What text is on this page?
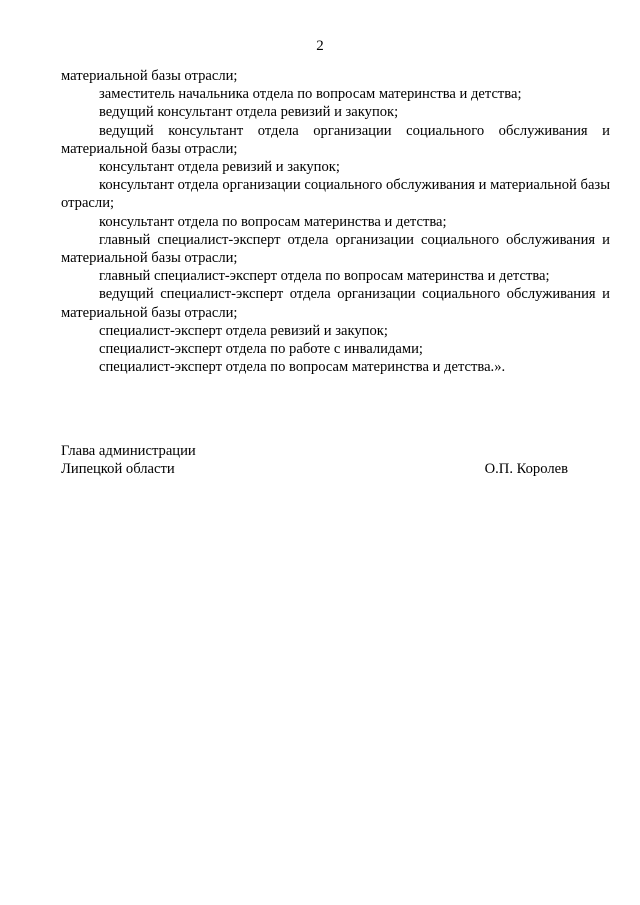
2

материальной базы отрасли;

заместитель начальника отдела по вопросам материнства и детства;

ведущий консультант отдела ревизий и закупок;

ведущий консультант отдела организации социального обслуживания и материальной базы отрасли;

консультант отдела ревизий и закупок;

консультант отдела организации социального обслуживания и материальной базы отрасли;

консультант отдела по вопросам материнства и детства;

главный специалист-эксперт отдела организации социального обслуживания и материальной базы отрасли;

главный специалист-эксперт отдела по вопросам материнства и детства;

ведущий специалист-эксперт отдела организации социального обслуживания и материальной базы отрасли;

специалист-эксперт отдела ревизий и закупок;

специалист-эксперт отдела по работе с инвалидами;

специалист-эксперт отдела по вопросам материнства и детства.».

Глава администрации
Липецкой области	О.П. Королев
